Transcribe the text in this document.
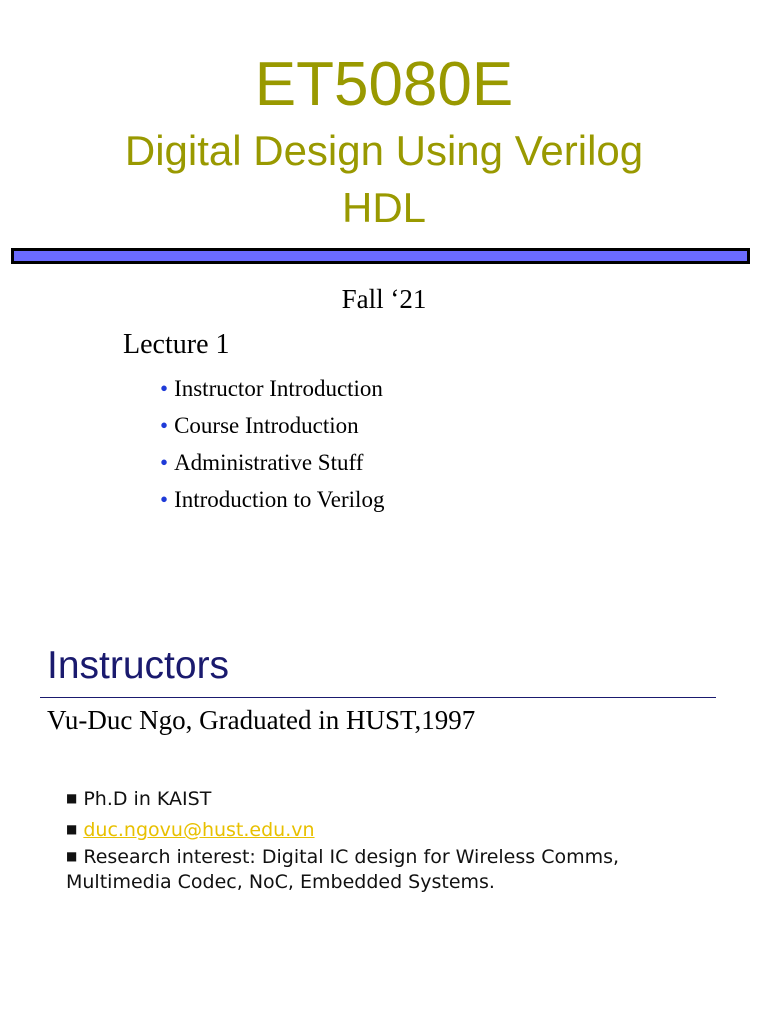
ET5080E
Digital Design Using Verilog
HDL
Fall ‘21
Lecture 1
• Instructor Introduction
• Course Introduction
• Administrative Stuff
• Introduction to Verilog
Instructors
Vu-Duc Ngo, Graduated in HUST,1997
■ Ph.D in KAIST
■ duc.ngovu@hust.edu.vn
■ Research interest: Digital IC design for Wireless Comms,
Multimedia Codec, NoC, Embedded Systems.
